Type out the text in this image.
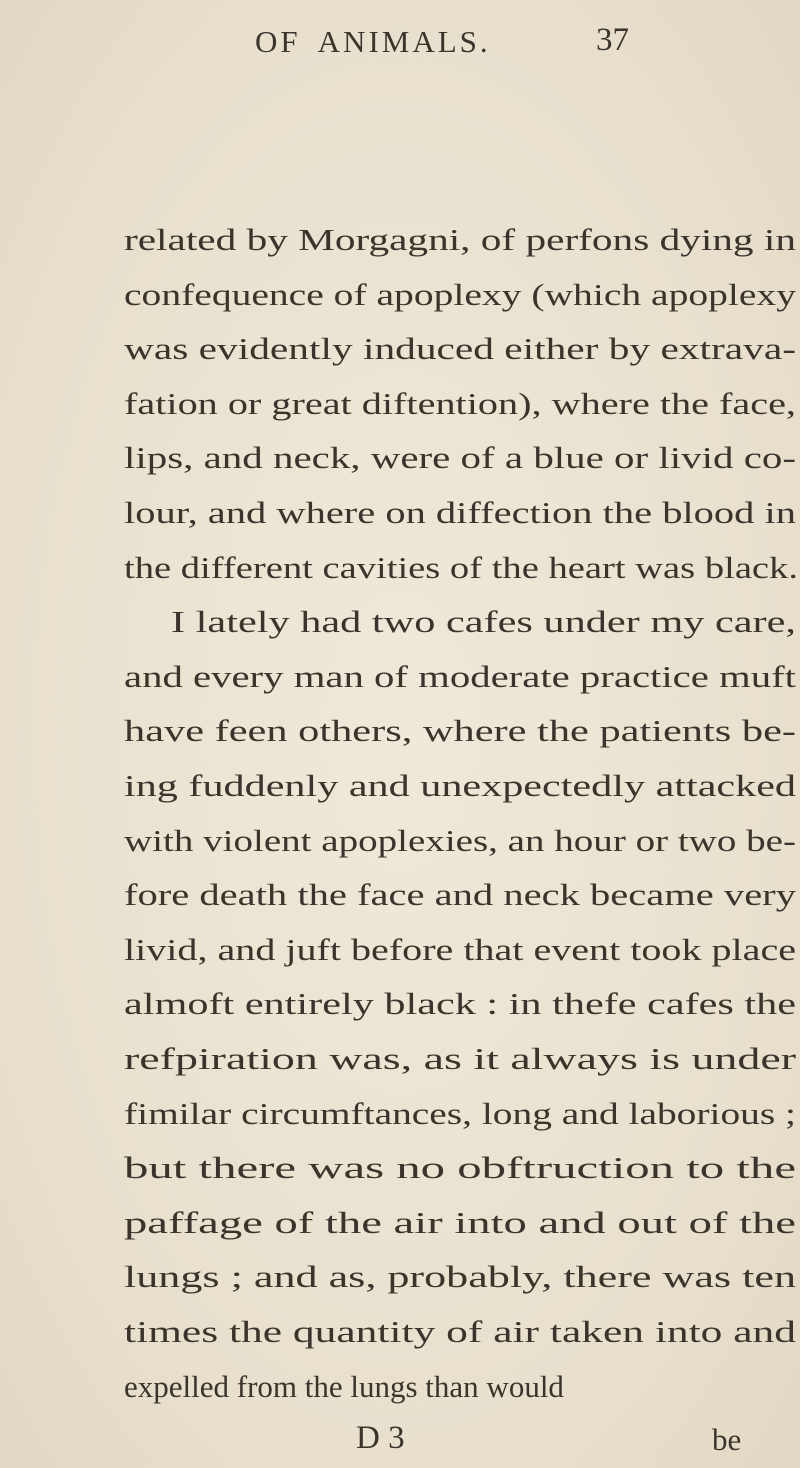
OF ANIMALS.	37
related by Morgagni, of perfons dying in
confequence of apoplexy (which apoplexy
was evidently induced either by extrava-
fation or great diftention), where the face,
lips, and neck, were of a blue or livid co-
lour, and where on diffection the blood in
the different cavities of the heart was black.
I lately had two cafes under my care,
and every man of moderate practice muft
have feen others, where the patients be-
ing fuddenly and unexpectedly attacked
with violent apoplexies, an hour or two be-
fore death the face and neck became very
livid, and juft before that event took place
almoft entirely black : in thefe cafes the
refpiration was, as it always is under
fimilar circumftances, long and laborious ;
but there was no obftruction to the
paffage of the air into and out of the
lungs ; and as, probably, there was ten
times the quantity of air taken into and
expelled from the lungs than would
D 3	be
